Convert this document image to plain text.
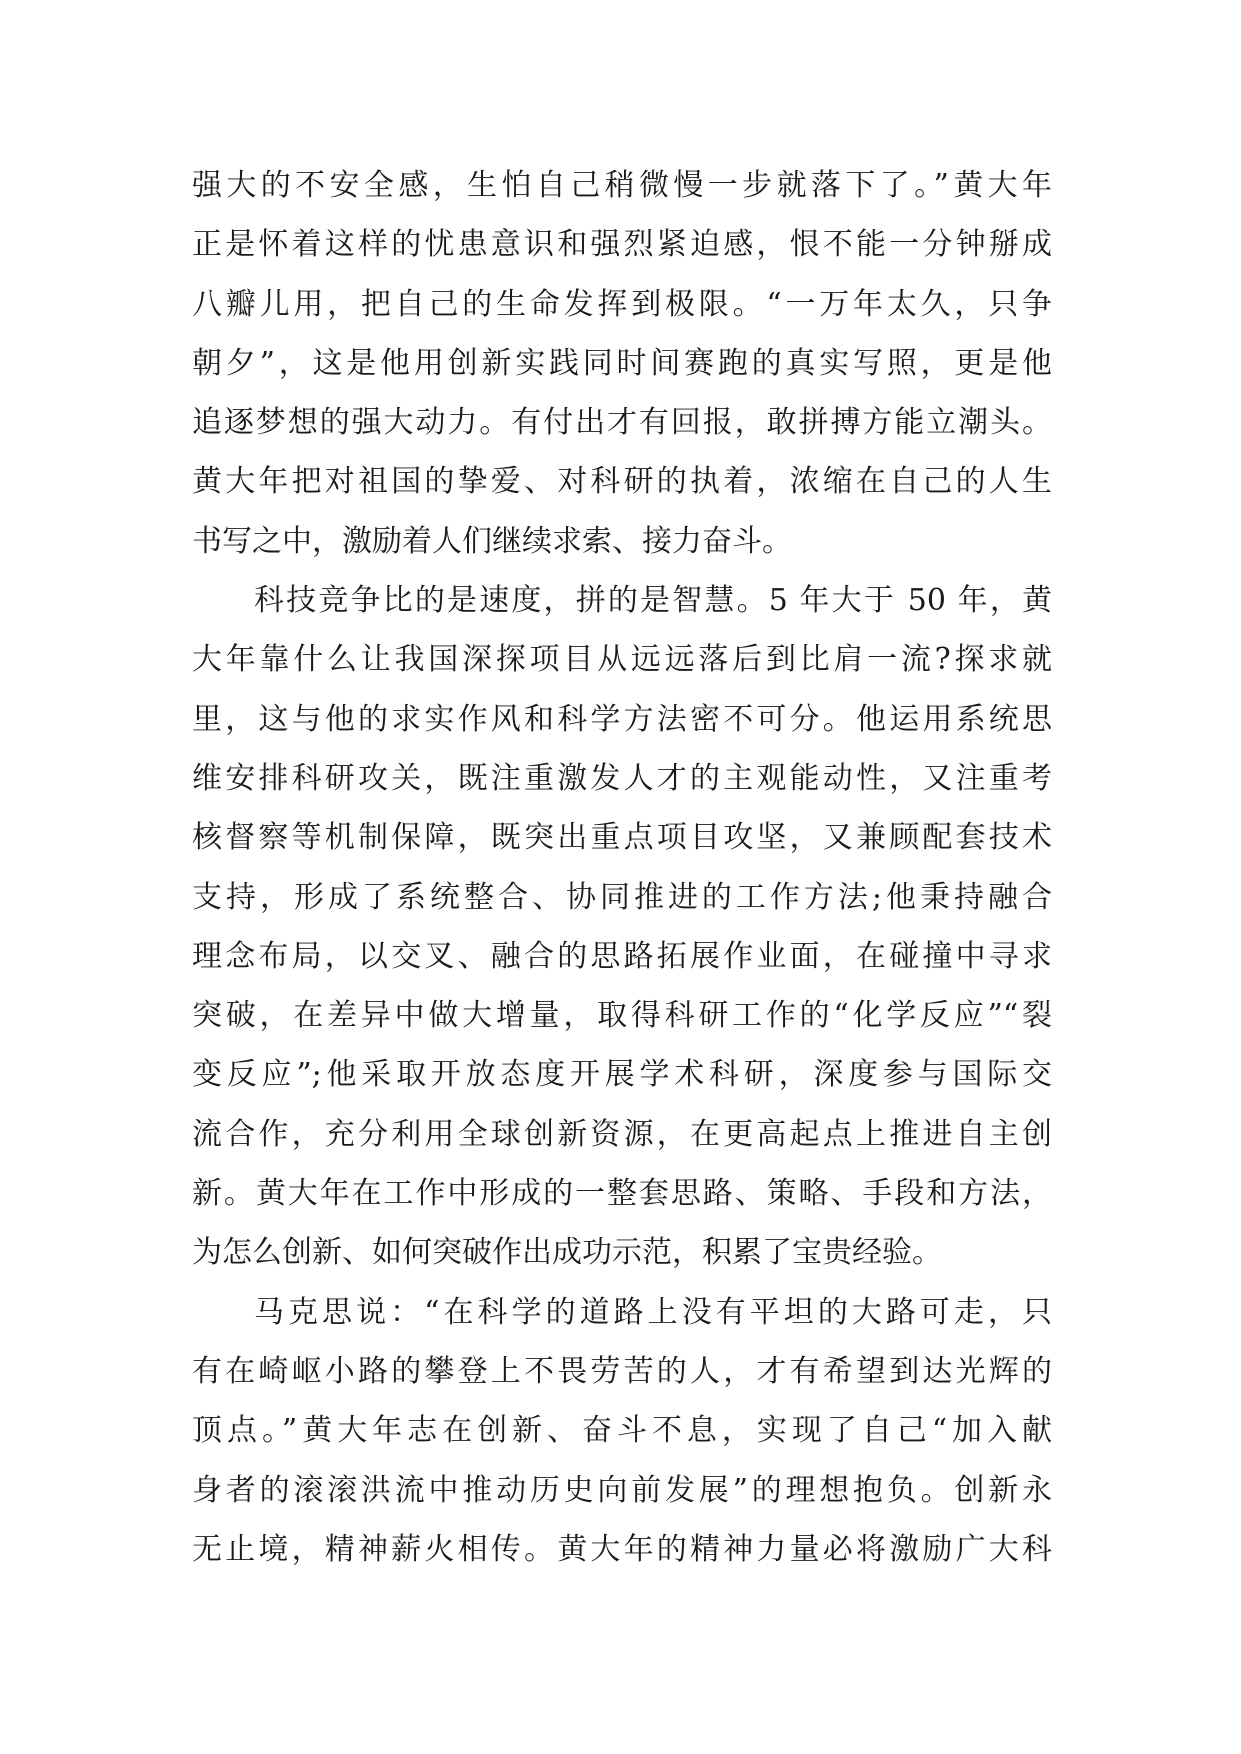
强大的不安全感，生怕自己稍微慢一步就落下了。”黄大年
正是怀着这样的忧患意识和强烈紧迫感，恨不能一分钟掰成
八瓣儿用，把自己的生命发挥到极限。“一万年太久，只争
朝夕”，这是他用创新实践同时间赛跑的真实写照，更是他
追逐梦想的强大动力。有付出才有回报，敢拼搏方能立潮头。
黄大年把对祖国的挚爱、对科研的执着，浓缩在自己的人生
书写之中，激励着人们继续求索、接力奋斗。
科技竞争比的是速度，拼的是智慧。5 年大于 50 年，黄
大年靠什么让我国深探项目从远远落后到比肩一流?探求就
里，这与他的求实作风和科学方法密不可分。他运用系统思
维安排科研攻关，既注重激发人才的主观能动性，又注重考
核督察等机制保障，既突出重点项目攻坚，又兼顾配套技术
支持，形成了系统整合、协同推进的工作方法;他秉持融合
理念布局，以交叉、融合的思路拓展作业面，在碰撞中寻求
突破，在差异中做大增量，取得科研工作的“化学反应”“裂
变反应”;他采取开放态度开展学术科研，深度参与国际交
流合作，充分利用全球创新资源，在更高起点上推进自主创
新。黄大年在工作中形成的一整套思路、策略、手段和方法，
为怎么创新、如何突破作出成功示范，积累了宝贵经验。
马克思说：“在科学的道路上没有平坦的大路可走，只
有在崎岖小路的攀登上不畏劳苦的人，才有希望到达光辉的
顶点。”黄大年志在创新、奋斗不息，实现了自己“加入献
身者的滚滚洪流中推动历史向前发展”的理想抱负。创新永
无止境，精神薪火相传。黄大年的精神力量必将激励广大科
